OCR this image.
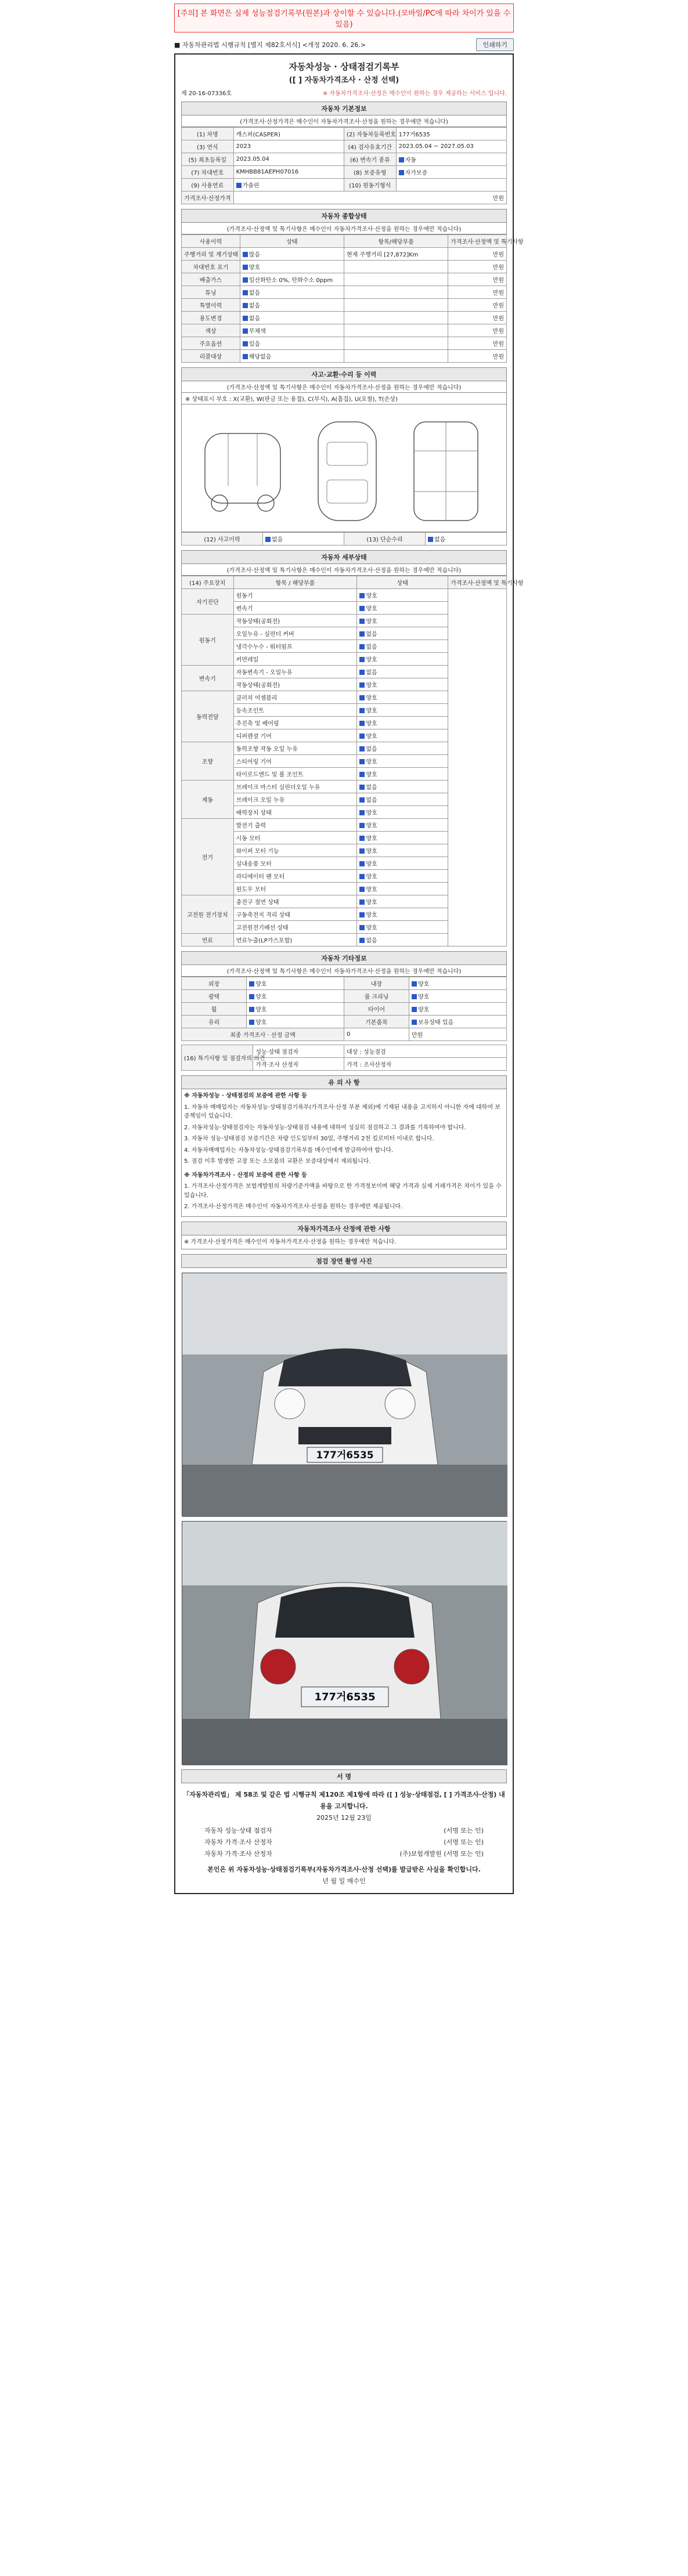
[주의] 본 화면은 실제 성능점검기록부(원본)과 상이할 수 있습니다.(모바일/PC에 따라 차이가 있을 수 있음)
■ 자동차관리법 시행규칙 [별지 제82호서식] <개정 2020. 6. 26.>	인쇄하기
자동차성능 · 상태점검기록부
([ ] 자동차가격조사 · 산정 선택)
제 20-16-07336호	※ 자동차가격조사·산정은 매수인이 원하는 경우 제공하는 서비스 입니다.
자동차 기본정보
(가격조사·산정가격은 매수인이 자동차가격조사·산정을 원하는 경우에만 적습니다)
(1) 차명	캐스퍼(CASPER)	(2) 자동차등록번호	177거6535
(3) 연식	2023	(4) 검사유효기간	2023.05.04 ~ 2027.05.03
(5) 최초등록일	2023.05.04	(6) 변속기 종류	자동
(7) 차대번호	KMHBB81AEPH07016	(8) 보증유형	자가보증
(9) 사용연료	가솔린	(10) 원동기형식	
가격조사·산정가격	만원		
자동차 종합상태
(가격조사·산정액 및 특기사항은 매수인이 자동차가격조사·산정을 원하는 경우에만 적습니다)
사용이력	상태	항목/해당부품	가격조사·산정액 및 특기사항
주행거리 및 계기상태	많음	현재 주행거리 [27,872]Km	만원
차대번호 표기	양호		만원
배출가스	일산화탄소 0%, 탄화수소 0ppm		만원
튜닝	없음		만원
특별이력	없음		만원
용도변경	없음		만원
색상	무채색		만원
주요옵션	있음		만원
리콜대상	해당없음		만원
사고·교환·수리 등 이력
(가격조사·산정액 및 특기사항은 매수인이 자동차가격조사·산정을 원하는 경우에만 적습니다)
※ 상태표시 부호 : X(교환), W(판금 또는 용접), C(부식), A(흠집), U(요철), T(손상)
(12) 사고이력	없음	(13) 단순수리	없음
자동차 세부상태
(가격조사·산정액 및 특기사항은 매수인이 자동차가격조사·산정을 원하는 경우에만 적습니다)
(14) 주요장치	항목 / 해당부품	상태	가격조사·산정액 및 특기사항
자기진단	원동기	양호	
	변속기	양호	
원동기	작동상태(공회전)	양호	
	오일누유 - 실린더 커버	없음	
	냉각수누수 - 워터펌프	없음	
	커먼레일	양호	
변속기	자동변속기 - 오일누유	없음	
	작동상태(공회전)	양호	
동력전달	클러치 어셈블리	양호	
	등속조인트	양호	
	추진축 및 베어링	양호	
	디퍼렌셜 기어	양호	
조향	동력조향 작동 오일 누유	없음	
	스티어링 기어	양호	
	타이로드엔드 및 볼 조인트	양호	
제동	브레이크 마스터 실린더오일 누유	없음	
	브레이크 오일 누유	없음	
	배력장치 상태	양호	
전기	발전기 출력	양호	
	시동 모터	양호	
	와이퍼 모터 기능	양호	
	실내송풍 모터	양호	
	라디에이터 팬 모터	양호	
	윈도우 모터	양호	
고전원 전기장치	충전구 절연 상태	양호	
	구동축전지 격리 상태	양호	
	고전원전기배선 상태	양호	
연료	연료누출(LP가스포함)	없음	
자동차 기타정보
(가격조사·산정액 및 특기사항은 매수인이 자동차가격조사·산정을 원하는 경우에만 적습니다)
외장	양호	내장	양호
광택	양호	룸 크리닝	양호
휠	양호	타이어	양호
유리	양호	기본품목	보유상태 있음
최종 가격조사 · 산정 금액		0	만원
(16) 특기사항 및 점검자의 의견	성능·상태 점검자	대상 : 성능점검
	가격·조사 산정자	가격 : 조사산정자
유 의 사 항

※ 자동차성능 · 상태점검의 보증에 관한 사항 등

1. 자동차 매매업자는 자동차성능·상태점검기록부(가격조사·산정 부분 제외)에 기재된 내용을 고지하지 아니한 자에 대하여 보증책임이 있습니다.

2. 자동차성능·상태점검자는 자동차성능·상태점검 내용에 대하여 성실히 점검하고 그 결과를 기록하여야 합니다.

3. 자동차 성능·상태점검 보증기간은 차량 인도일부터 30일, 주행거리 2천 킬로미터 이내로 합니다.

4. 자동차매매업자는 자동차성능·상태점검기록부를 매수인에게 발급하여야 합니다.

5. 점검 이후 발생한 고장 또는 소모품의 교환은 보증대상에서 제외됩니다.

※ 자동차가격조사 · 산정의 보증에 관한 사항 등

1. 가격조사·산정가격은 보험개발원의 차량기준가액을 바탕으로 한 가격정보이며 해당 가격과 실제 거래가격은 차이가 있을 수 있습니다.

2. 가격조사·산정가격은 매수인이 자동차가격조사·산정을 원하는 경우에만 제공됩니다.

자동차가격조사 산정에 관한 사항
※ 가격조사·산정가격은 매수인이 자동차가격조사·산정을 원하는 경우에만 적습니다.
점검 장면 촬영 사진
177거6535
177거6535
서 명
「자동차관리법」 제 58조 및 같은 법 시행규칙 제120조 제1항에 따라 ([ ] 성능·상태점검, [ ] 가격조사·산정) 내용을 고지합니다.
2025년 12월 23일
자동차 성능·상태 점검자	(서명 또는 인)
자동차 가격·조사 산정자	(서명 또는 인)
자동차 가격·조사 산정자	(주)보험개발원 (서명 또는 인)
본인은 위 자동차성능·상태점검기록부(자동차가격조사·산정 선택)를 발급받은 사실을 확인합니다.
년 월 일 매수인
